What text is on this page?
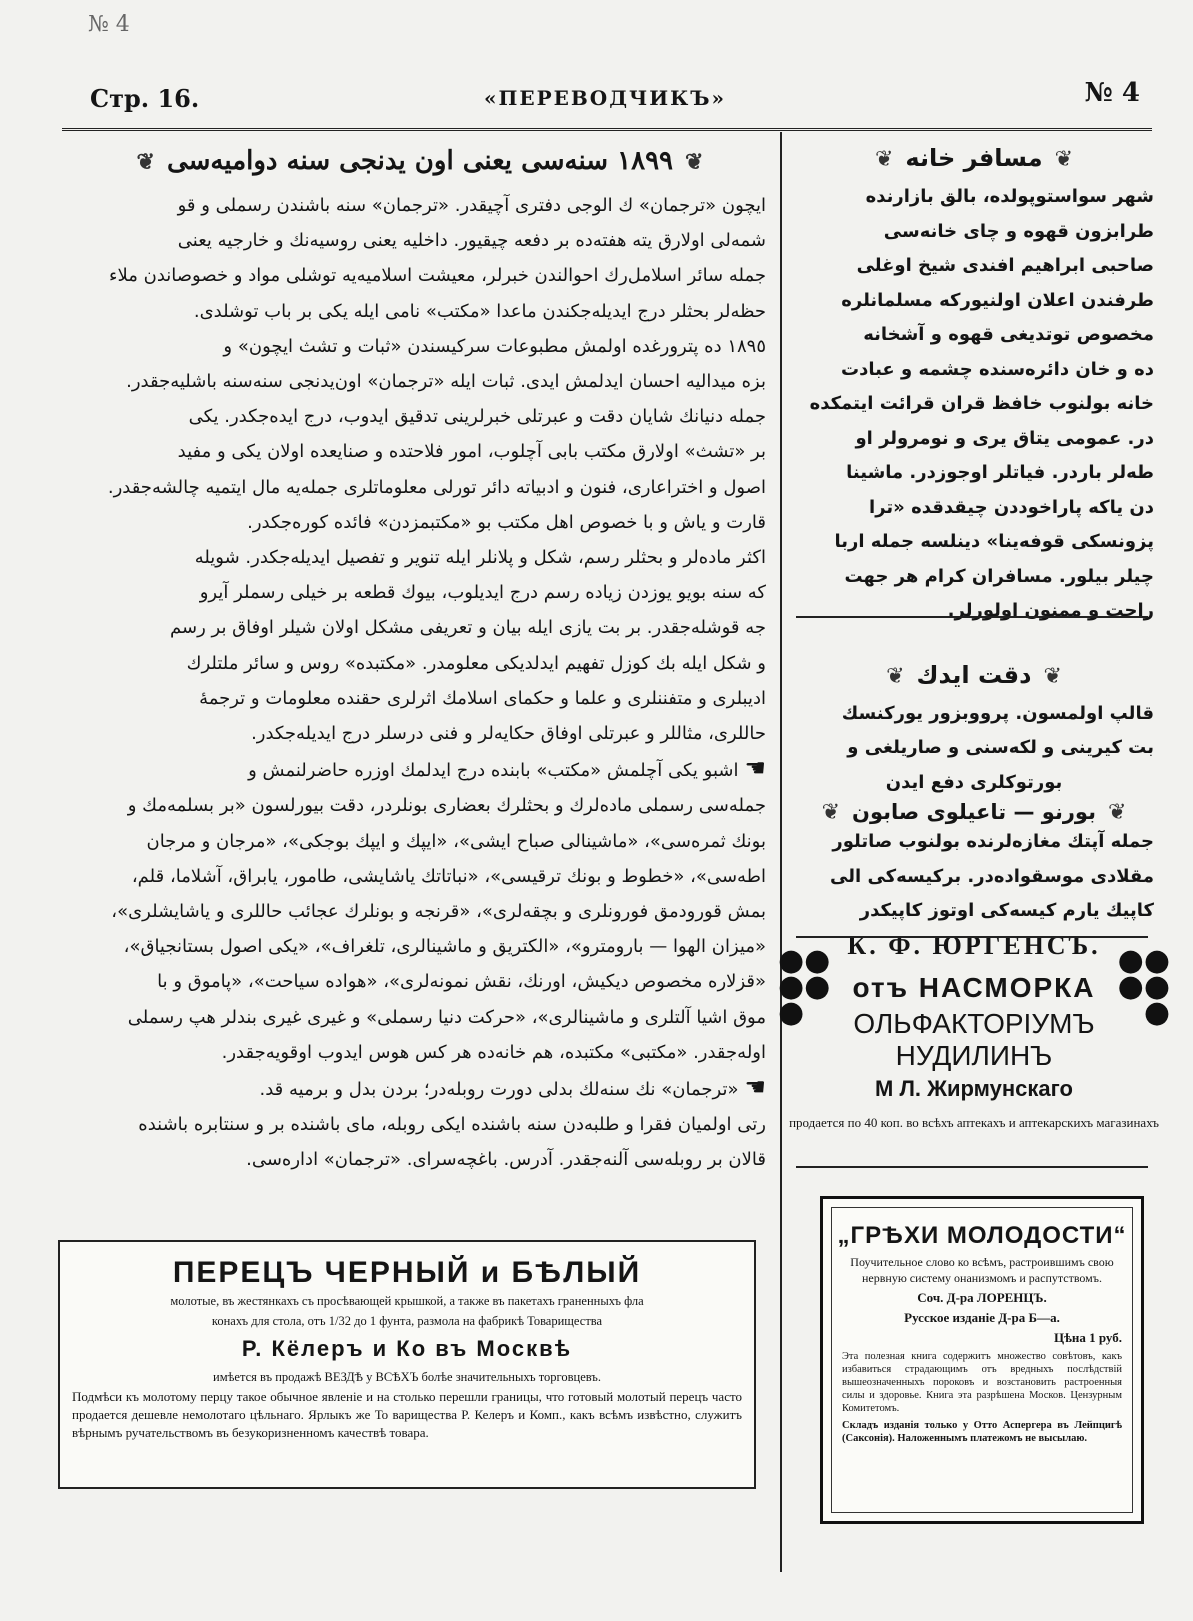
№ 4
Стр. 16.	«ПЕРЕВОДЧИКЪ»	№ 4
❦ ١٨٩٩ سنه‌سی یعنی اون یدنجی سنه دوامیه‌سی ❦

ایچون «ترجمان» ك الوجی دفتری آچیقدر. «ترجمان» سنه باشندن رسملی و قو
شمه‌لی اولارق یته هفته‌ده بر دفعه چیقیور. داخلیه یعنی روسیه‌نك و خارجیه یعنی
جمله سائر اسلامل‌رك احوالندن خبرلر، معیشت اسلامیه‌یه توشلی مواد و خصوصاندن ملاء
حظه‌لر بحثلر درج ایدیله‌جکندن ماعدا «مکتب» نامی ایله یکی بر باب توشلدی.

١٨٩٥ ده پترورغده اولمش مطبوعات سرکیسندن «ثبات و تشث ایچون» و
بزه میدالیه احسان ایدلمش ایدی. ثبات ایله «ترجمان» اون‌یدنجی سنه‌سنه باشلیه‌جقدر.
جمله دنیانك شایان دقت و عبرتلی خبرلرینی تدقیق ایدوب، درج ایده‌جکدر. یکی
بر «تشث» اولارق مکتب بابی آچلوب، امور فلاحتده و صنایعده اولان یکی و مفید
اصول و اختراعاری، فنون و ادبیاته دائر تورلی معلوماتلری جمله‌یه مال ایتمیه چالشه‌جقدر.
قارت و یاش و با خصوص اهل مکتب بو «مکتبمزدن» فائده کوره‌جکدر.
اکثر ماده‌لر و بحثلر رسم، شکل و پلانلر ایله تنویر و تفصیل ایدیله‌جکدر. شویله
که سنه بویو یوزدن زیاده رسم درج ایدیلوب، بیوك قطعه بر خیلی رسملر آیرو
جه قوشله‌جقدر. بر بت یازی ایله بیان و تعریفی مشکل اولان شیلر اوفاق بر رسم
و شکل ایله بك کوزل تفهیم ایدلدیکی معلومدر. «مکتبده» روس و سائر ملتلرك
ادیبلری و متفننلری و علما و حکمای اسلامك اثرلری حقنده معلومات و ترجمهٔ
حاللری، مثاللر و عبرتلی اوفاق حکایه‌لر و فنی درسلر درج ایدیله‌جکدر.

☚اشبو یکی آچلمش «مکتب» بابنده درج ایدلمك اوزره حاضرلنمش و
جمله‌سی رسملی ماده‌لرك و بحثلرك بعضاری بونلردر، دقت بیورلسون «بر بسلمه‌مك و
بونك ثمره‌سی»، «ماشینالی صباح ایشی»، «ایپك و ایپك بوجکی»، «مرجان و مرجان
اطه‌سی»، «خطوط و بونك ترقیسی»، «نباتاتك یاشایشی، طامور، یابراق، آشلاما، قلم،
بمش قورودمق فورونلری و بچقه‌لری»، «قرنجه و بونلرك عجائب حاللری و یاشایشلری»،
«میزان الهوا — بارومترو»، «الکتریق و ماشینالری، تلغراف»، «یکی اصول بستانجیاق»،
«قزلاره مخصوص دیکیش، اورنك، نقش نمونه‌لری»، «هواده سیاحت»، «پاموق و با
موق اشیا آلتلری و ماشینالری»، «حرکت دنیا رسملی» و غیری غیری بندلر هپ رسملی
اوله‌جقدر. «مکتبی» مکتبده، هم خانه‌ده هر کس هوس ایدوب اوقویه‌جقدر.

☚«ترجمان» نك سنه‌لك بدلی دورت روبله‌در؛ بردن بدل و برمیه قد.
رتی اولمیان فقرا و طلبه‌دن سنه باشنده ایکی روبله، مای باشنده بر و سنتابره باشنده
قالان بر روبله‌سی آلنه‌جقدر. آدرس. باغچه‌سرای. «ترجمان» اداره‌سی.

ПЕРЕЦЪ ЧЕРНЫЙ и БѢЛЫЙ

молотые, въ жестянкахъ съ просѣвающей крышкой, а также въ пакетахъ граненныхъ фла

конахъ для стола, отъ 1/32 до 1 фунта, размола на фабрикѣ Товарищества

Р. Кёлеръ и Ко въ Москвѣ

имѣется въ продажѣ ВЕЗДѢ у ВСѢХЪ болѣе значительныхъ торговцевъ.

Подмѣси къ молотому перцу такое обычное явленіе и на столько перешли границы, что готовый молотый перецъ часто продается дешевле немолотаго цѣльнаго. Ярлыкъ же То варищества Р. Келеръ и Комп., какъ всѣмъ извѣстно, служитъ вѣрнымъ ручательствомъ въ безукоризненномъ качествѣ товара.

❦ مسافر خانه ❦

شهر سواستوپولده، بالق بازارنده
طرابزون قهوه و چای خانه‌سی
صاحبی ابراهیم افندی شیخ اوغلی
طرفندن اعلان اولنیورکه مسلمانلره
مخصوص توتدیغی قهوه و آشخانه
ده و خان دائره‌سنده چشمه و عبادت
خانه بولنوب خافظ قران قرائت ایتمکده
در. عمومی یتاق یری و نومرولر او
طه‌لر باردر. فیاتلر اوجوزدر. ماشینا
دن یاکه پاراخوددن چیقدقده «ترا
پزونسکی قوفه‌ینا» دینلسه جمله اربا
چیلر بیلور. مسافران کرام هر جهت
راحت و ممنون اولورلر.

❦ دقت ایدك ❦

قالپ اولمسون. پرووبزور یورکنسك
بت کیرینی و لکه‌سنی و صاریلغی و
بورتوکلری دفع ایدن

❦ بورنو — تاعیلوی صابون ❦

جمله آپتك مغازه‌لرنده بولنوب صاتلور
مقلادی موسقواده‌در. برکیسه‌کی الی
کاپیك یارم کیسه‌کی اوتوز کاپیکدر

К. Ф. ЮРГЕНСЪ.
●●
●●
●
●●
●●
●
отъ НАСМОРКА
ОЛЬФАКТОРIУМЪ НУДИЛИНЪ
М Л. Жирмунскаго
продается по 40 коп. во всѣхъ аптекахъ и аптекарскихъ магазинахъ
„ГРѢХИ МОЛОДОСТИ“

Поучительное слово ко всѣмъ, растроившимъ свою нервную систему онанизмомъ и распутствомъ.

Соч. Д-ра ЛОРЕНЦЪ.

Русское изданіе Д-ра Б—а.

Цѣна 1 руб.

Эта полезная книга содержитъ множество совѣтовъ, какъ избавиться страдающимъ отъ вредныхъ послѣдствій вышеозначенныхъ пороковъ и возстановить растроенныя силы и здоровье. Книга эта разрѣшена Москов. Цензурным Комитетомъ.

Складъ изданія только у Отто Аспергера въ Лейпцигѣ (Саксонія). Наложеннымъ платежомъ не высылаю.
